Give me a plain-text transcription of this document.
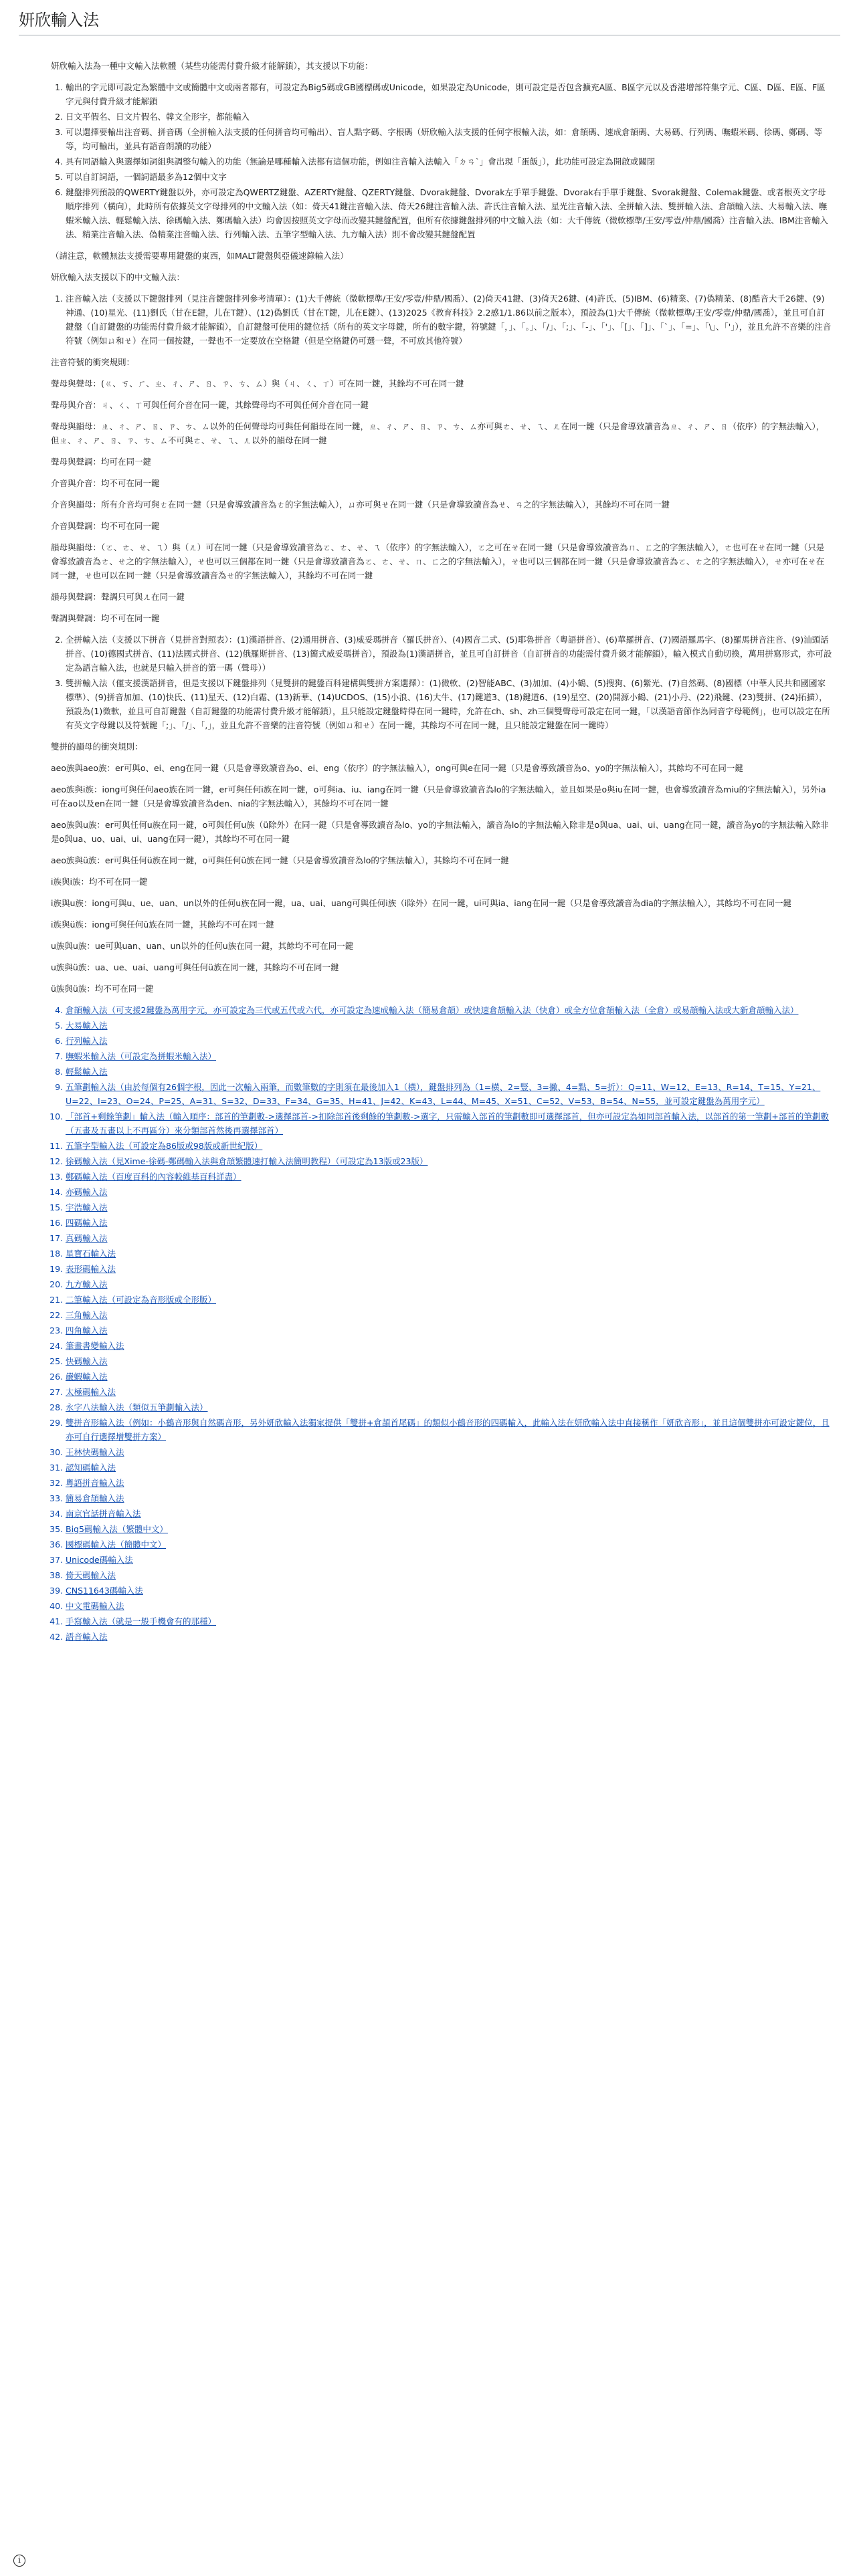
妍欣輸入法

妍欣輸入法為一種中文輸入法軟體（某些功能需付費升級才能解鎖），其支援以下功能：

1. 輸出的字元即可設定為繁體中文或簡體中文或兩者都有，可設定為Big5碼或GB國標碼或Unicode，如果設定為Unicode，則可設定是否包含擴充A區、B區字元以及香港增部符集字元、C區、D區、E區、F區字元與付費升級才能解鎖
2. 日文平假名、日文片假名、韓文全形字，都能輸入
3. 可以選擇要輸出注音碼、拼音碼（全拼輸入法支援的任何拼音均可輸出）、盲人點字碼、字根碼（妍欣輸入法支援的任何字根輸入法，如：倉頡碼、速成倉頡碼、大易碼、行列碼、嘸蝦米碼、徐碼、鄭碼、等等，均可輸出，並具有語音朗讀的功能）
4. 具有同語輸入與選擇如詞組與調整句輸入的功能（無論是哪種輸入法都有這個功能，例如注音輸入法輸入「ㄉㄢˋ」會出現「蛋飯」），此功能可設定為開啟或關閉
5. 可以自訂詞語，一個詞語最多為12個中文字
6. 鍵盤排列預設的QWERTY鍵盤以外，亦可設定為QWERTZ鍵盤、AZERTY鍵盤、QZERTY鍵盤、Dvorak鍵盤、Dvorak左手單手鍵盤、Dvorak右手單手鍵盤、Svorak鍵盤、Colemak鍵盤、或者根英文字母順序排列（橫向），此時所有依據英文字母排列的中文輸入法（如：倚天41鍵注音輸入法、倚天26鍵注音輸入法、許氏注音輸入法、星光注音輸入法、全拼輸入法、雙拼輸入法、倉頡輸入法、大易輸入法、嘸蝦米輸入法、輕鬆輸入法、徐碼輸入法、鄭碼輸入法）均會因按照英文字母而改變其鍵盤配置，但所有依據鍵盤排列的中文輸入法（如：大千傳統（微軟標準/王安/零壹/仲鼎/國喬）注音輸入法、IBM注音輸入法、精業注音輸入法、偽精業注音輸入法、行列輸入法、五筆字型輸入法、九方輸入法）則不會改變其鍵盤配置

（請注意，軟體無法支援需要專用鍵盤的東西，如MALT鍵盤與亞儀速錄輸入法）

妍欣輸入法支援以下的中文輸入法：

1. 注音輸入法（支援以下鍵盤排列（見注音鍵盤排列參考清單）：(1)大千傳統（微軟標準/王安/零壹/仲鼎/國喬）、(2)倚天41鍵、(3)倚天26鍵、(4)許氏、(5)IBM、(6)精業、(7)偽精業、(8)酷音大千26鍵、(9)神通、(10)星光、(11)劉氏（甘在E鍵，儿在T鍵）、(12)偽劉氏（甘在T鍵，儿在E鍵）、(13)2025《教育科技》2.2感1/1.86以前之版本），預設為(1)大千傳統（微軟標準/王安/零壹/仲鼎/國喬），並且可自訂鍵盤（自訂鍵盤的功能需付費升級才能解鎖），自訂鍵盤可使用的鍵位括（所有的英文字母鍵，所有的數字鍵，符號鍵「，」、「。」、「/」、「;」、「-」、「'」、「[」、「]」、「`」、「=」、「\」、「'」），並且允許不音樂的注音符號（例如ㄩ和ㄝ）在同一個按鍵，一聲也不一定要放在空格鍵（但是空格鍵仍可選一聲，不可放其他符號）

注音符號的衝突規則：

聲母與聲母：(ㄍ、ㄎ、ㄏ、ㄓ、ㄔ、ㄕ、ㄖ、ㄗ、ㄘ、ㄙ）與（ㄐ、ㄑ、ㄒ）可在同一鍵，其餘均不可在同一鍵

聲母與介音：ㄐ、ㄑ、ㄒ可與任何介音在同一鍵，其餘聲母均不可與任何介音在同一鍵

聲母與韻母：ㄓ、ㄔ、ㄕ、ㄖ、ㄗ、ㄘ、ㄙ以外的任何聲母均可與任何韻母在同一鍵，ㄓ、ㄔ、ㄕ、ㄖ、ㄗ、ㄘ、ㄙ亦可與ㄜ、ㄝ、ㄟ、ㄦ在同一鍵（只是會導致讀音為ㄓ、ㄔ、ㄕ、ㄖ（依序）的字無法輸入），但ㄓ、ㄔ、ㄕ、ㄖ、ㄗ、ㄘ、ㄙ不可與ㄜ、ㄝ、ㄟ、ㄦ以外的韻母在同一鍵

聲母與聲調：均可在同一鍵

介音與介音：均不可在同一鍵

介音與韻母：所有介音均可與ㄜ在同一鍵（只是會導致讀音為ㄜ的字無法輸入），ㄩ亦可與ㄝ在同一鍵（只是會導致讀音為ㄝ、ㄢ之的字無法輸入），其餘均不可在同一鍵

介音與聲調：均不可在同一鍵

韻母與韻母：（ㄛ、ㄜ、ㄝ、ㄟ）與（ㄦ）可在同一鍵（只是會導致讀音為ㄛ、ㄜ、ㄝ、ㄟ（依序）的字無法輸入），ㄛ之可在ㄝ在同一鍵（只是會導致讀音為ㄇ、ㄈ之的字無法輸入），ㄜ也可在ㄝ在同一鍵（只是會導致讀音為ㄜ、ㄝ之的字無法輸入），ㄝ也可以三個都在同一鍵（只是會導致讀音為ㄛ、ㄜ、ㄝ、ㄇ、ㄈ之的字無法輸入），ㄝ也可以三個都在同一鍵（只是會導致讀音為ㄛ、ㄜ之的字無法輸入），ㄝ亦可在ㄝ在同一鍵，ㄝ也可以在同一鍵（只是會導致讀音為ㄝ的字無法輸入），其餘均不可在同一鍵

韻母與聲調：聲調只可與ㄦ在同一鍵

聲調與聲調：均不可在同一鍵

2. 全拼輸入法（支援以下拼音（見拼音對照表）：(1)漢語拼音、(2)通用拼音、(3)威妥瑪拼音（羅氏拼音）、(4)國音二式、(5)耶魯拼音（粵語拼音）、(6)華羅拼音、(7)國語羅馬字、(8)羅馬拼音注音、(9)汕頭話拼音、(10)德國式拼音、(11)法國式拼音、(12)俄羅斯拼音、(13)簡式威妥瑪拼音），預設為(1)漢語拼音，並且可自訂拼音（自訂拼音的功能需付費升級才能解鎖），輸入模式自動切換，萬用拼寫形式，亦可設定為語言輸入法，也就是只輸入拼音的第一碼（聲母））
3. 雙拼輸入法（僅支援漢語拼音，但是支援以下鍵盤排列（見雙拼的鍵盤百科建構與雙拼方案選擇）：(1)微軟、(2)智能ABC、(3)加加、(4)小鶴、(5)搜狗、(6)紫光、(7)自然碼、(8)國標（中華人民共和國國家標準）、(9)拼音加加、(10)快氏、(11)星天、(12)白霜、(13)新華、(14)UCDOS、(15)小浪、(16)大牛、(17)鍵道3、(18)鍵道6、(19)星空、(20)開源小鶴、(21)小丹、(22)飛鍵、(23)雙拼、(24)拓描），預設為(1)微軟，並且可自訂鍵盤（自訂鍵盤的功能需付費升級才能解鎖），且只能設定鍵盤時得在同一鍵時，允許在ch、sh、zh三個雙聲母可設定在同一鍵，「以漢語音節作為同音字母範例」，也可以設定在所有英文字母鍵以及符號鍵「;」、「/」、「,」，並且允許不音樂的注音符號（例如ㄩ和ㄝ）在同一鍵，其餘均不可在同一鍵，且只能設定鍵盤在同一鍵時）

雙拼的韻母的衝突規則：

aeo族與aeo族：er可與o、ei、eng在同一鍵（只是會導致讀音為o、ei、eng（依序）的字無法輸入），ong可與e在同一鍵（只是會導致讀音為o、yo的字無法輸入），其餘均不可在同一鍵

aeo族與i族：iong可與任何aeo族在同一鍵，er可與任何i族在同一鍵，o可與ia、iu、iang在同一鍵（只是會導致讀音為lo的字無法輸入，並且如果是o與iu在同一鍵，也會導致讀音為miu的字無法輸入），另外ia可在ao以及en在同一鍵（只是會導致讀音為den、nia的字無法輸入），其餘均不可在同一鍵

aeo族與u族：er可與任何u族在同一鍵，o可與任何u族（ü除外）在同一鍵（只是會導致讀音為lo、yo的字無法輸入，讀音為lo的字無法輸入除非是o與ua、uai、ui、uang在同一鍵，讀音為yo的字無法輸入除非是o與ua、uo、uai、ui、uang在同一鍵），其餘均不可在同一鍵

aeo族與ü族：er可與任何ü族在同一鍵，o可與任何ü族在同一鍵（只是會導致讀音為lo的字無法輸入），其餘均不可在同一鍵

i族與i族：均不可在同一鍵

i族與u族：iong可與u、ue、uan、un以外的任何u族在同一鍵，ua、uai、uang可與任何i族（i除外）在同一鍵，ui可與ia、iang在同一鍵（只是會導致讀音為dia的字無法輸入），其餘均不可在同一鍵

i族與ü族：iong可與任何ü族在同一鍵，其餘均不可在同一鍵

u族與u族：ue可與uan、uan、un以外的任何u族在同一鍵，其餘均不可在同一鍵

u族與ü族：ua、ue、uai、uang可與任何ü族在同一鍵，其餘均不可在同一鍵

ü族與ü族：均不可在同一鍵

4. 倉頡輸入法（可支援2鍵盤為萬用字元，亦可設定為三代或五代或六代，亦可設定為速成輸入法（簡易倉頡）或快速倉頡輸入法（快倉）或全方位倉頡輸入法（全倉）或易頡輸入法或大新倉頡輸入法）
5. 大易輸入法
6. 行列輸入法
7. 嘸蝦米輸入法（可設定為拼蝦米輸入法）
8. 輕鬆輸入法
9. 五筆劃輸入法（由於每個有26個字根，因此一次輸入兩筆，而數筆數的字則須在最後加入1（橫），鍵盤排列為（1=橫、2=豎、3=撇、4=點、5=折）：Q=11、W=12、E=13、R=14、T=15、Y=21、U=22、I=23、O=24、P=25、A=31、S=32、D=33、F=34、G=35、H=41、J=42、K=43、L=44、M=45、X=51、C=52、V=53、B=54、N=55，並可設定鍵盤為萬用字元）
10. 「部首+剩餘筆劃」輸入法（輸入順序：部首的筆劃數->選擇部首->扣除部首後剩餘的筆劃數->選字，只需輸入部首的筆劃數即可選擇部首，但亦可設定為如同部首輸入法，以部首的第一筆劃+部首的筆劃數（五畫及五畫以上不再區分）來分類部首然後再選擇部首）
11. 五筆字型輸入法（可設定為86版或98版或新世紀版）
12. 徐碼輸入法（見Xime-徐碼-鄭碼輸入法與倉頡繁體速打輸入法簡明教程）（可設定為13版或23版）
13. 鄭碼輸入法（百度百科的內容較維基百科詳盡）
14. 亦碼輸入法
15. 宇浩輸入法
16. 四碼輸入法
17. 真碼輸入法
18. 星寶石輸入法
19. 表形碼輸入法
20. 九方輸入法
21. 二筆輸入法（可設定為音形版或全形版）
22. 三角輸入法
23. 四角輸入法
24. 筆畫書變輸入法
25. 快碼輸入法
26. 嚴蝦輸入法
27. 太極碼輸入法
28. 永字八法輸入法（類似五筆劃輸入法）
29. 雙拼音形輸入法（例如：小鶴音形與自然碼音形，另外妍欣輸入法獨家提供「雙拼+倉頡首尾碼」的類似小鶴音形的四碼輸入，此輸入法在妍欣輸入法中直接稱作「妍欣音形」，並且這個雙拼亦可設定鍵位，且亦可自行選擇增雙拼方案）
30. 王林快碼輸入法
31. 認知碼輸入法
32. 粵語拼音輸入法
33. 簡易倉頡輸入法
34. 南京官話拼音輸入法
35. Big5碼輸入法（繁體中文）
36. 國標碼輸入法（簡體中文）
37. Unicode碼輸入法
38. 倚天碼輸入法
39. CNS11643碼輸入法
40. 中文電碼輸入法
41. 手寫輸入法（就是一般手機會有的那種）
42. 語音輸入法
i
